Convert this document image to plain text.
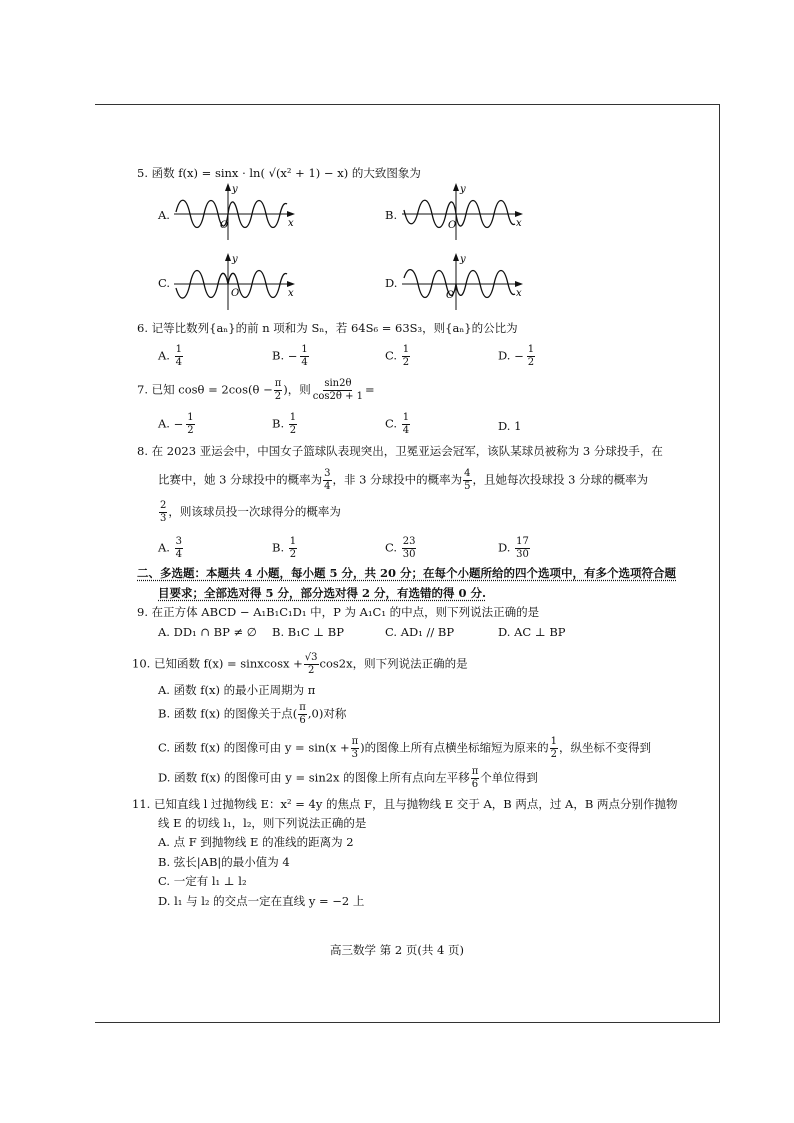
5. 函数 f(x) = sinx · ln( √(x² + 1) − x) 的大致图象为
A.
y
x
O
B.
y
x
O
C.
y
x
O
D.
y
x
O
6. 记等比数列{aₙ}的前 n 项和为 Sₙ，若 64S₆ = 63S₃，则{aₙ}的公比为
A. $\frac{1}{4}$	B. − $\frac{1}{4}$	C. $\frac{1}{2}$	D. − $\frac{1}{2}$
7. 已知 $\cos\theta = 2\cos(\theta - \frac{\pi}{2}$ )，则 $\frac{\sin 2\theta}{\cos 2\theta + 1}$ =
A. − $\frac{1}{2}$	B. $\frac{1}{2}$	C. $\frac{1}{4}$	D. 1
8. 在 2023 亚运会中，中国女子篮球队表现突出，卫冕亚运会冠军，该队某球员被称为 3 分球投手，在
比赛中，她 3 分球投中的概率为 $\frac{3}{4}$ ，非 3 分球投中的概率为 $\frac{4}{5}$ ，且她每次投球投 3 分球的概率为
$\frac{2}{3}$ ，则该球员投一次球得分的概率为
A. $\frac{3}{4}$	B. $\frac{1}{2}$	C. $\frac{23}{30}$	D. $\frac{17}{30}$
二、多选题：本题共 4 小题，每小题 5 分，共 20 分；在每个小题所给的四个选项中，有多个选项符合题
目要求；全部选对得 5 分，部分选对得 2 分，有选错的得 0 分.
9. 在正方体 ABCD − A₁B₁C₁D₁ 中，P 为 A₁C₁ 的中点，则下列说法正确的是
A. DD₁ ∩ BP ≠ ∅ B. B₁C ⊥ BP	C. AD₁ // BP	D. AC ⊥ BP
10. 已知函数 f(x) = sinxcosx + $\frac{√3}{2} \cos 2x$，则下列说法正确的是
A. 函数 f(x) 的最小正周期为 π
B. 函数 f(x) 的图像关于点( $\frac{\pi}{6} ,0$)对称
C. 函数 f(x) 的图像可由 $y = \sin(x + \frac{\pi}{3}$ )的图像上所有点横坐标缩短为原来的 $\frac{1}{2}$ ，纵坐标不变得到
D. 函数 f(x) 的图像可由 y = sin2x 的图像上所有点向左平移 $\frac{\pi}{6}$ 个单位得到
11. 已知直线 l 过抛物线 E：x² = 4y 的焦点 F，且与抛物线 E 交于 A，B 两点，过 A，B 两点分别作抛物
线 E 的切线 l₁，l₂，则下列说法正确的是
A. 点 F 到抛物线 E 的准线的距离为 2
B. 弦长|AB|的最小值为 4
C. 一定有 l₁ ⊥ l₂
D. l₁ 与 l₂ 的交点一定在直线 y = −2 上
高三数学 第 2 页(共 4 页)
